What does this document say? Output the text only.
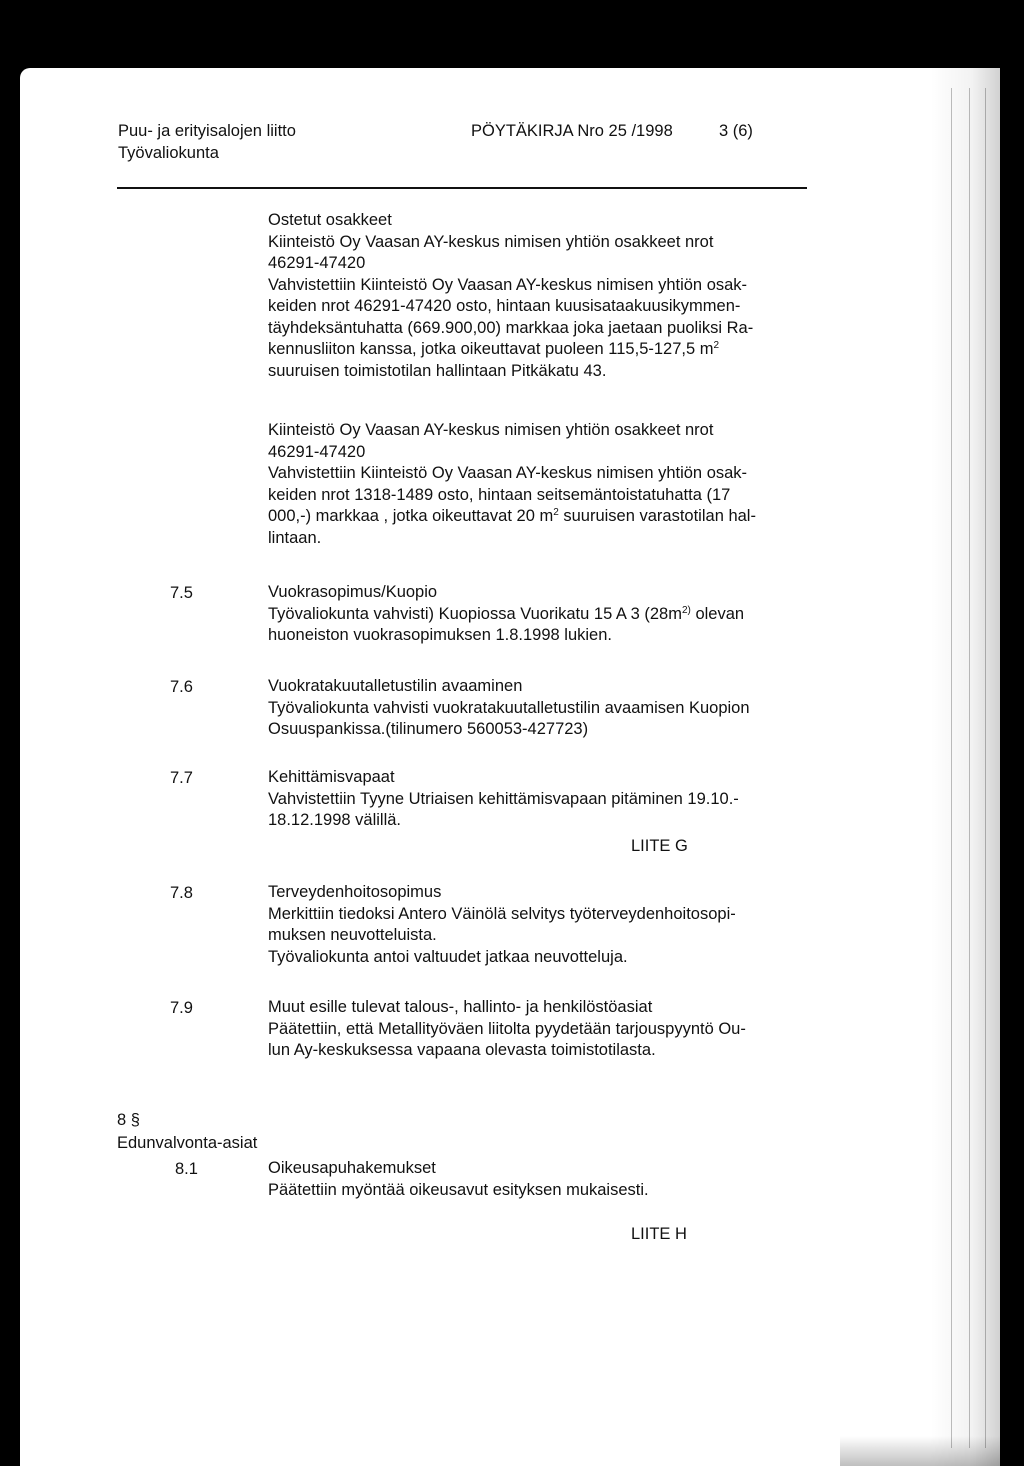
Puu- ja erityisalojen liitto
Työvaliokunta
PÖYTÄKIRJA Nro 25 /1998	3 (6)
Ostetut osakkeet
Kiinteistö Oy Vaasan AY-keskus nimisen yhtiön osakkeet nrot
46291-47420
Vahvistettiin Kiinteistö Oy Vaasan AY-keskus nimisen yhtiön osak-
keiden nrot 46291-47420 osto, hintaan kuusisataakuusikymmen-
täyhdeksäntuhatta (669.900,00) markkaa joka jaetaan puoliksi Ra-
kennusliiton kanssa, jotka oikeuttavat puoleen 115,5-127,5 $m^2$
suuruisen toimistotilan hallintaan Pitkäkatu 43.
Kiinteistö Oy Vaasan AY-keskus nimisen yhtiön osakkeet nrot
46291-47420
Vahvistettiin Kiinteistö Oy Vaasan AY-keskus nimisen yhtiön osak-
keiden nrot 1318-1489 osto, hintaan seitsemäntoistatuhatta (17
000,-) markkaa , jotka oikeuttavat 20 $m^2$ suuruisen varastotilan hal-
lintaan.
7.5	Vuokrasopimus/Kuopio
Työvaliokunta vahvisti) Kuopiossa Vuorikatu 15 A 3 ($28m^{2)}$ olevan
huoneiston vuokrasopimuksen 1.8.1998 lukien.
7.6	Vuokratakuutalletustilin avaaminen
Työvaliokunta vahvisti vuokratakuutalletustilin avaamisen Kuopion
Osuuspankissa.(tilinumero 560053-427723)
7.7	Kehittämisvapaat
Vahvistettiin Tyyne Utriaisen kehittämisvapaan pitäminen 19.10.-
18.12.1998 välillä.
LIITE G
7.8	Terveydenhoitosopimus
Merkittiin tiedoksi Antero Väinölä selvitys työterveydenhoitosopi-
muksen neuvotteluista.
Työvaliokunta antoi valtuudet jatkaa neuvotteluja.
7.9	Muut esille tulevat talous-, hallinto- ja henkilöstöasiat
Päätettiin, että Metallityöväen liitolta pyydetään tarjouspyyntö Ou-
lun Ay-keskuksessa vapaana olevasta toimistotilasta.
8 §
Edunvalvonta-asiat
8.1	Oikeusapuhakemukset
Päätettiin myöntää oikeusavut esityksen mukaisesti.
LIITE H
